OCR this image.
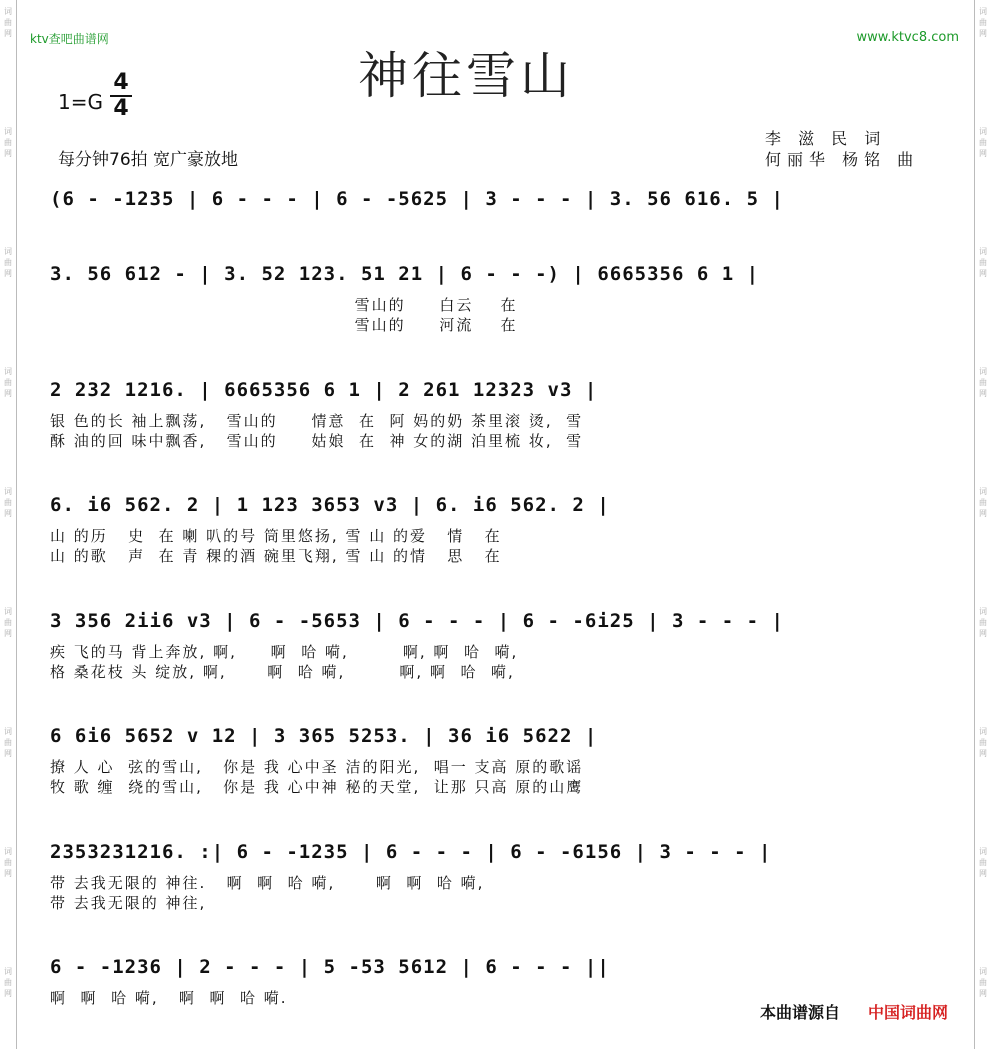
词曲网
词曲网
词曲网
词曲网
词曲网
词曲网
词曲网
词曲网
词曲网
词曲网
词曲网
词曲网
词曲网
词曲网
词曲网
词曲网
词曲网
词曲网
ktv查吧曲谱网	www.ktvc8.com
神往雪山
1=G
4
4
每分钟76拍 宽广豪放地
李 滋 民 词
何丽华 杨铭 曲
(6 - -1235 | 6 - - - | 6 - -5625 | 3 - - - | 3. 56 616. 5 |
3. 56 612 - | 3. 52 123. 51 21 | 6 - - -) | 6665356 6 1 |
雪山的     白云    在
雪山的     河流    在
2 232 1216. | 6665356 6 1 | 2 261 12323 v3 |
银 色的长 袖上飘荡,   雪山的     情意  在  阿 妈的奶 茶里滚 烫,  雪
酥 油的回 味中飘香,   雪山的     姑娘  在  神 女的湖 泊里梳 妆,  雪
6. i6 562. 2 | 1 123 3653 v3 | 6. i6 562. 2 |
山 的历   史  在 喇 叭的号 筒里悠扬, 雪 山 的爱   情   在
山 的歌   声  在 青 稞的酒 碗里飞翔, 雪 山 的情   思   在
3 356 2ii6 v3 | 6 - -5653 | 6 - - - | 6 - -6i25 | 3 - - - |
疾 飞的马 背上奔放, 啊,     啊  哈 嗬,        啊, 啊  哈  嗬,
格 桑花枝 头 绽放, 啊,      啊  哈 嗬,        啊, 啊  哈  嗬,
6 6i6 5652 v 12 | 3 365 5253. | 36 i6 5622 |
撩 人 心  弦的雪山,   你是 我 心中圣 洁的阳光,  唱一 支高 原的歌谣
牧 歌 缠  绕的雪山,   你是 我 心中神 秘的天堂,  让那 只高 原的山鹰
2353231216. :| 6 - -1235 | 6 - - - | 6 - -6156 | 3 - - - |
带 去我无限的 神往.   啊  啊  哈 嗬,      啊  啊  哈 嗬,
带 去我无限的 神往,
6 - -1236 | 2 - - - | 5 -53 5612 | 6 - - - ||
啊  啊  哈 嗬,   啊  啊  哈 嗬.
本曲谱源自 中国词曲网
